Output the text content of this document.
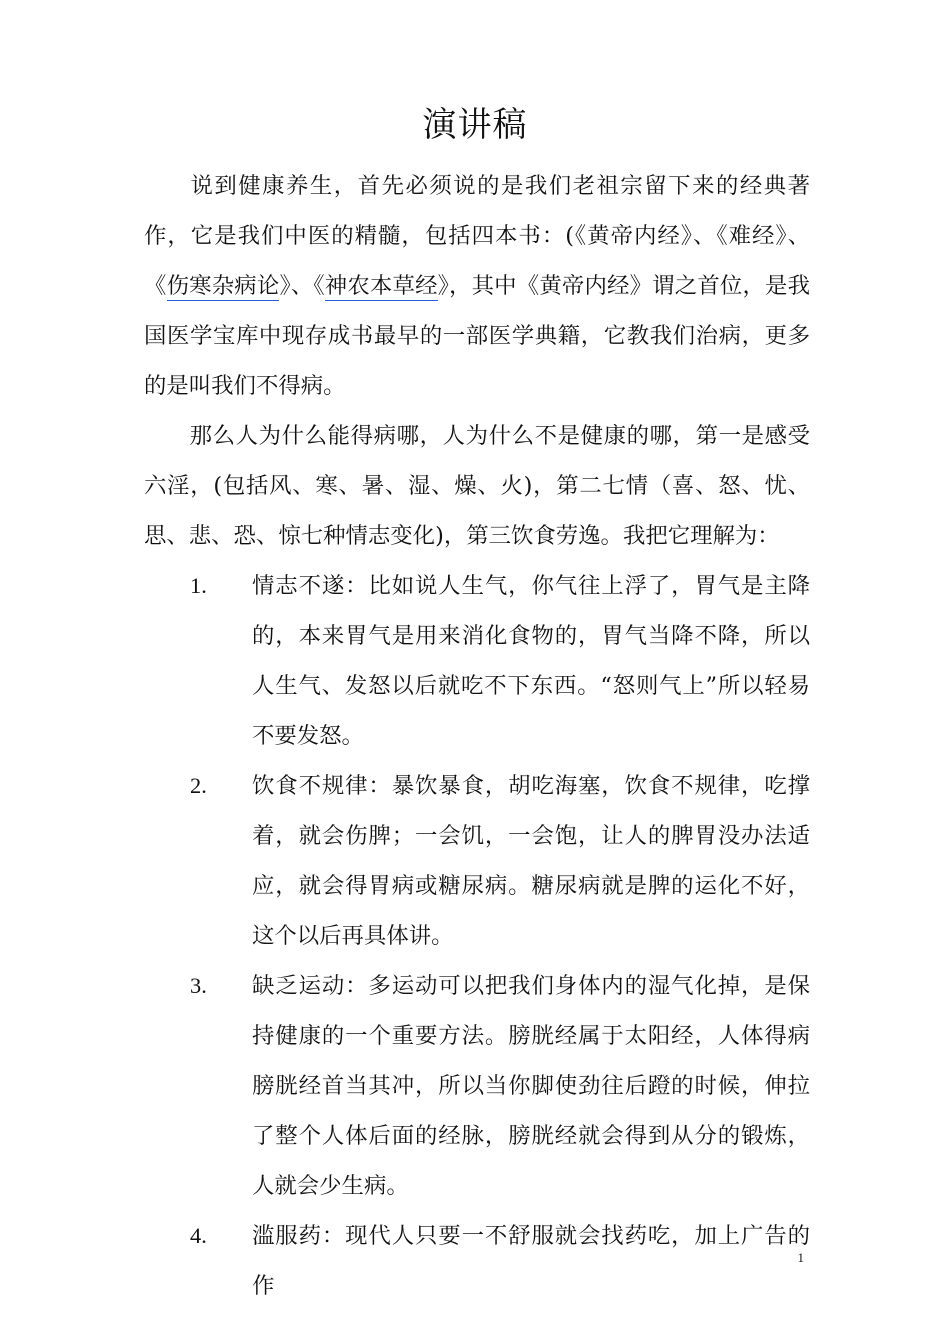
演讲稿
说到健康养生，首先必须说的是我们老祖宗留下来的经典著作，它是我们中医的精髓，包括四本书：(《黄帝内经》、《难经》、《伤寒杂病论》、《神农本草经》，其中《黄帝内经》谓之首位，是我国医学宝库中现存成书最早的一部医学典籍，它教我们治病，更多的是叫我们不得病。
那么人为什么能得病哪，人为什么不是健康的哪，第一是感受六淫，(包括风、寒、暑、湿、燥、火)，第二七情（喜、怒、忧、思、悲、恐、惊七种情志变化)，第三饮食劳逸。我把它理解为：
1. 情志不遂：比如说人生气，你气往上浮了，胃气是主降的，本来胃气是用来消化食物的，胃气当降不降，所以人生气、发怒以后就吃不下东西。“怒则气上”所以轻易不要发怒。
2. 饮食不规律：暴饮暴食，胡吃海塞，饮食不规律，吃撑着，就会伤脾；一会饥，一会饱，让人的脾胃没办法适应，就会得胃病或糖尿病。糖尿病就是脾的运化不好，这个以后再具体讲。
3. 缺乏运动：多运动可以把我们身体内的湿气化掉，是保持健康的一个重要方法。膀胱经属于太阳经，人体得病膀胱经首当其冲，所以当你脚使劲往后蹬的时候，伸拉了整个人体后面的经脉，膀胱经就会得到从分的锻炼，人就会少生病。
4. 滥服药：现代人只要一不舒服就会找药吃，加上广告的作
1
